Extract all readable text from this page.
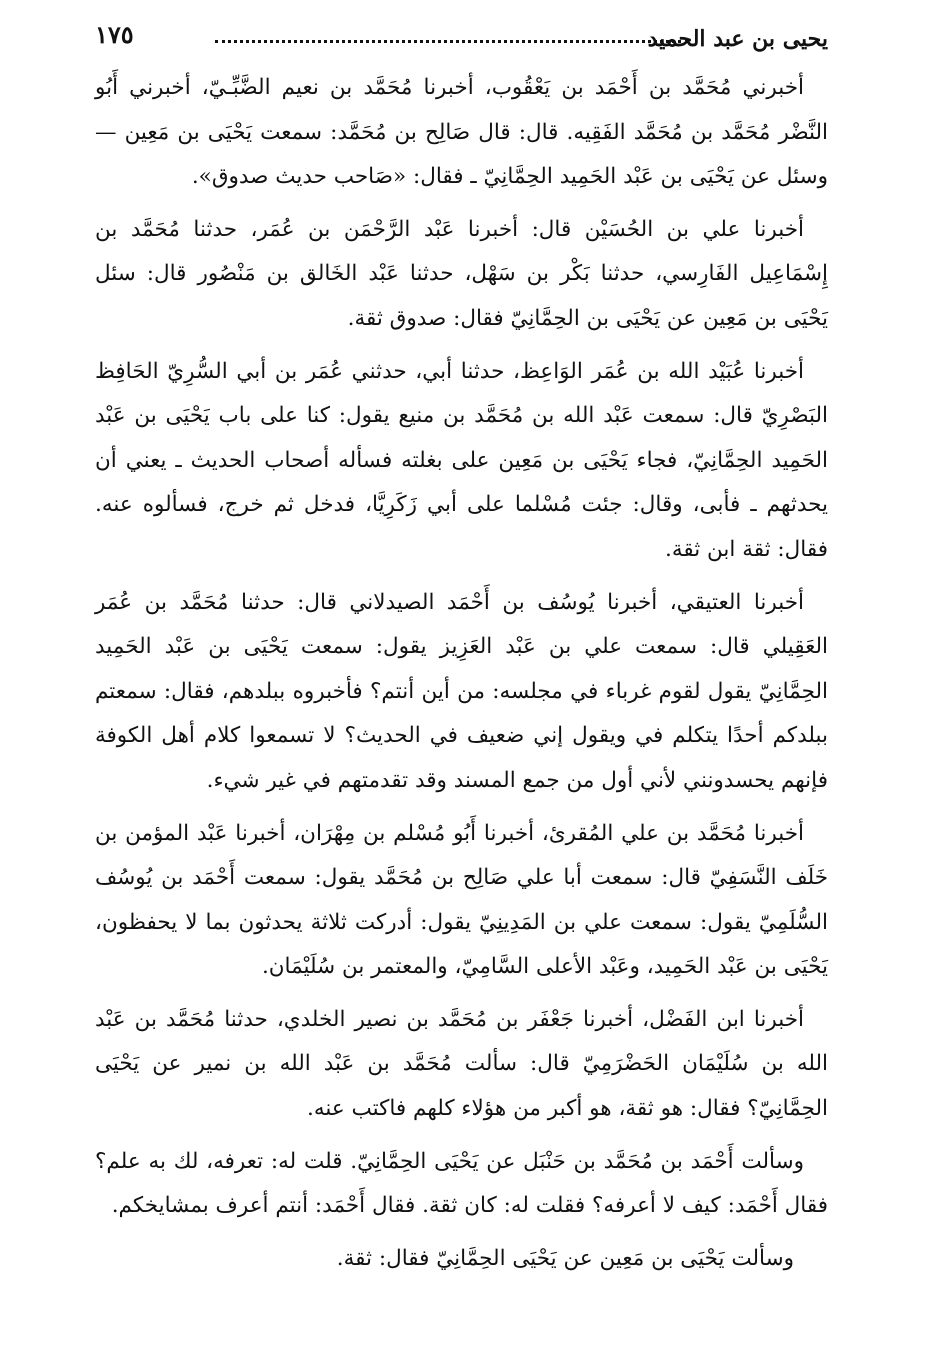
يحيى بن عبد الحميد
١٧٥

أخبرني مُحَمَّد بن أَحْمَد بن يَعْقُوب، أخبرنا مُحَمَّد بن نعيم الضَّبِّـيّ، أخبرني أَبُو النَّضْر مُحَمَّد بن مُحَمَّد الفَقِيه. قال: قال صَالِح بن مُحَمَّد: سمعت يَحْيَى بن مَعِين — وسئل عن يَحْيَى بن عَبْد الحَمِيد الحِمَّانِيّ ـ فقال: «صَاحب حديث صدوق».

أخبرنا علي بن الحُسَيْن قال: أخبرنا عَبْد الرَّحْمَن بن عُمَر، حدثنا مُحَمَّد بن إِسْمَاعِيل الفَارِسي، حدثنا بَكْر بن سَهْل، حدثنا عَبْد الخَالق بن مَنْصُور قال: سئل يَحْيَى بن مَعِين عن يَحْيَى بن الحِمَّانِيّ فقال: صدوق ثقة.

أخبرنا عُبَيْد الله بن عُمَر الوَاعِظ، حدثنا أبي، حدثني عُمَر بن أبي السُّرِيّ الحَافِظ البَصْرِيّ قال: سمعت عَبْد الله بن مُحَمَّد بن منيع يقول: كنا على باب يَحْيَى بن عَبْد الحَمِيد الحِمَّانِيّ، فجاء يَحْيَى بن مَعِين على بغلته فسأله أصحاب الحديث ـ يعني أن يحدثهم ـ فأبى، وقال: جئت مُسْلما على أبي زَكَرِيَّا، فدخل ثم خرج، فسألوه عنه. فقال: ثقة ابن ثقة.

أخبرنا العتيقي، أخبرنا يُوسُف بن أَحْمَد الصيدلاني قال: حدثنا مُحَمَّد بن عُمَر العَقِيلي قال: سمعت علي بن عَبْد العَزِيز يقول: سمعت يَحْيَى بن عَبْد الحَمِيد الحِمَّانِيّ يقول لقوم غرباء في مجلسه: من أين أنتم؟ فأخبروه ببلدهم، فقال: سمعتم ببلدكم أحدًا يتكلم في ويقول إني ضعيف في الحديث؟ لا تسمعوا كلام أهل الكوفة فإنهم يحسدونني لأني أول من جمع المسند وقد تقدمتهم في غير شيء.

أخبرنا مُحَمَّد بن علي المُقرئ، أخبرنا أَبُو مُسْلم بن مِهْرَان، أخبرنا عَبْد المؤمن بن خَلَف النَّسَفِيّ قال: سمعت أبا علي صَالِح بن مُحَمَّد يقول: سمعت أَحْمَد بن يُوسُف السُّلَمِيّ يقول: سمعت علي بن المَدِينِيّ يقول: أدركت ثلاثة يحدثون بما لا يحفظون، يَحْيَى بن عَبْد الحَمِيد، وعَبْد الأعلى السَّامِيّ، والمعتمر بن سُلَيْمَان.

أخبرنا ابن الفَضْل، أخبرنا جَعْفَر بن مُحَمَّد بن نصير الخلدي، حدثنا مُحَمَّد بن عَبْد الله بن سُلَيْمَان الحَضْرَمِيّ قال: سألت مُحَمَّد بن عَبْد الله بن نمير عن يَحْيَى الحِمَّانِيّ؟ فقال: هو ثقة، هو أكبر من هؤلاء كلهم فاكتب عنه.

وسألت أَحْمَد بن مُحَمَّد بن حَنْبَل عن يَحْيَى الحِمَّانِيّ. قلت له: تعرفه، لك به علم؟ فقال أَحْمَد: كيف لا أعرفه؟ فقلت له: كان ثقة. فقال أَحْمَد: أنتم أعرف بمشايخكم.

وسألت يَحْيَى بن مَعِين عن يَحْيَى الحِمَّانِيّ فقال: ثقة.
